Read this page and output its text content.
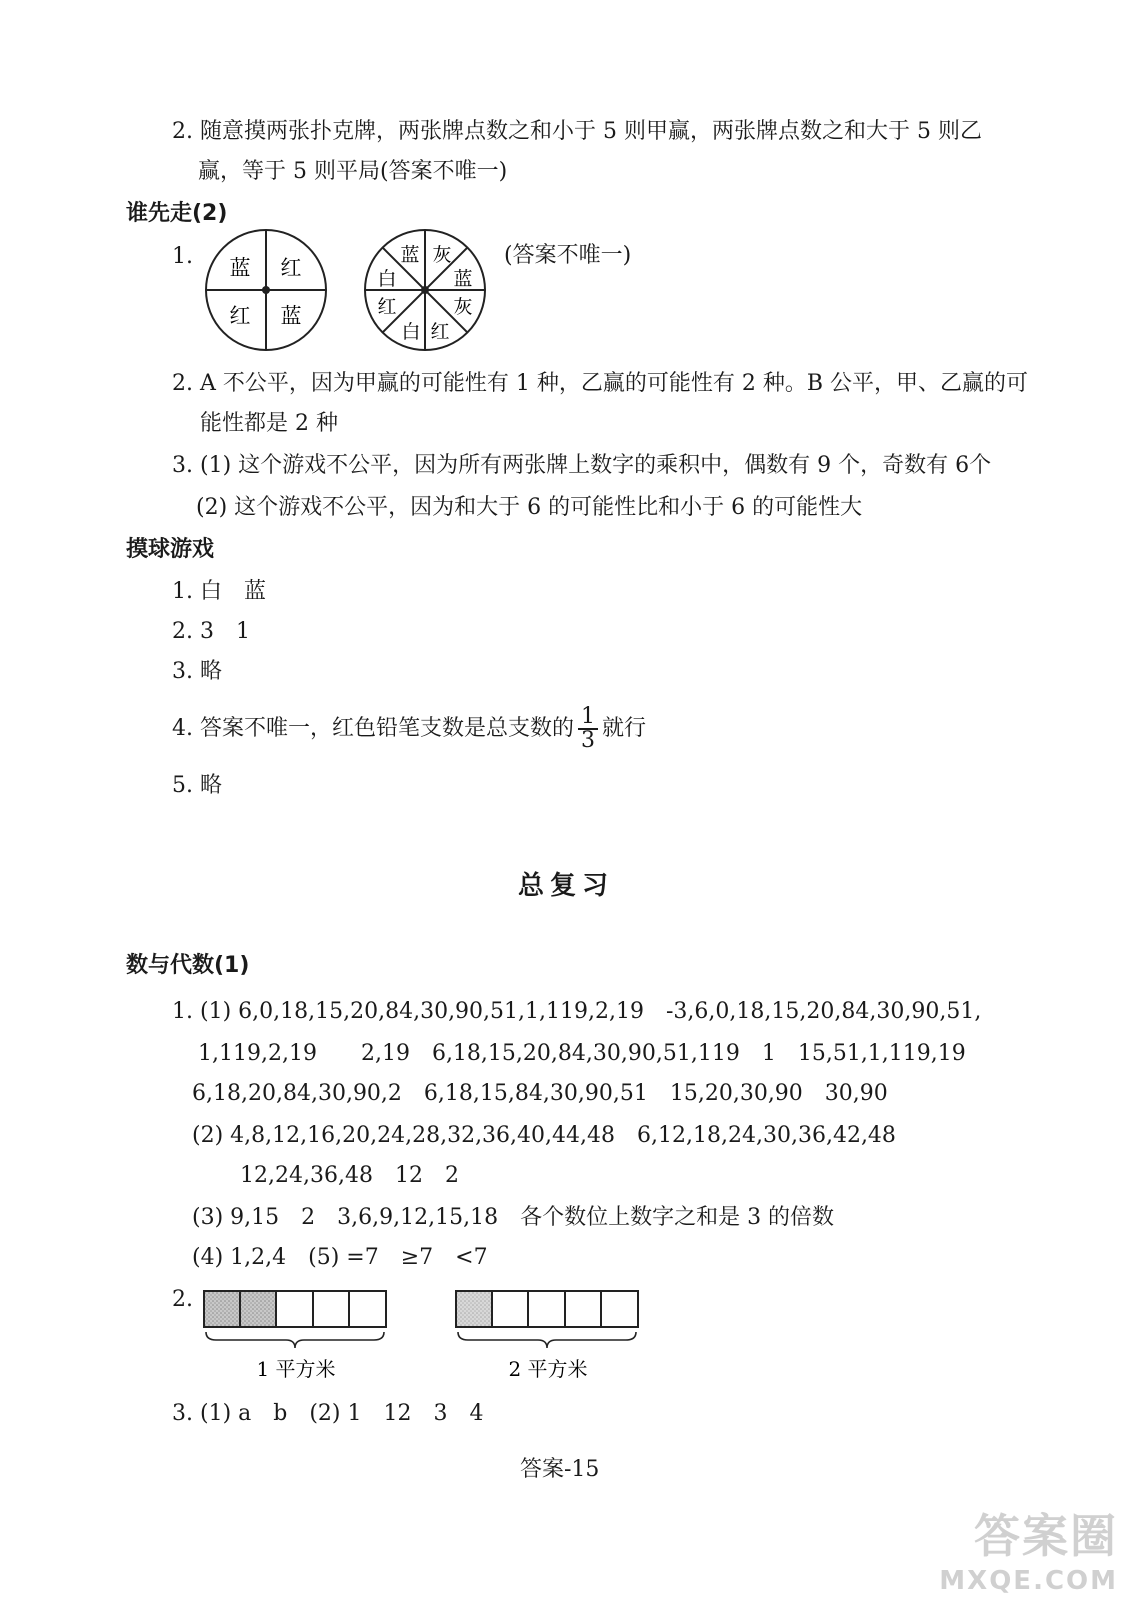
2. 随意摸两张扑克牌，两张牌点数之和小于 5 则甲赢，两张牌点数之和大于 5 则乙
赢，等于 5 则平局(答案不唯一)
谁先走(2)
1. 蓝 红
红 蓝
蓝 灰
蓝
灰
红
白
红
白
(答案不唯一)
2. A 不公平，因为甲赢的可能性有 1 种，乙赢的可能性有 2 种。B 公平，甲、乙赢的可
能性都是 2 种
3. (1) 这个游戏不公平，因为所有两张牌上数字的乘积中，偶数有 9 个，奇数有 6个
(2) 这个游戏不公平，因为和大于 6 的可能性比和小于 6 的可能性大
摸球游戏
1. 白　蓝
2. 3　1
3. 略
4. 答案不唯一，红色铅笔支数是总支数的 $\frac{1}{3}$ 就行
5. 略
总复习
数与代数(1)
1. (1) 6,0,18,15,20,84,30,90,51,1,119,2,19　-3,6,0,18,15,20,84,30,90,51,
1,119,2,19　　2,19　6,18,15,20,84,30,90,51,119　1　15,51,1,119,19
6,18,20,84,30,90,2　6,18,15,84,30,90,51　15,20,30,90　30,90
(2) 4,8,12,16,20,24,28,32,36,40,44,48　6,12,18,24,30,36,42,48
12,24,36,48　12　2
(3) 9,15　2　3,6,9,12,15,18　各个数位上数字之和是 3 的倍数
(4) 1,2,4　(5) =7　≥7　<7
2.
1 平方米	2 平方米
3. (1) a　b　(2) 1　12　3　4
答案-15
答案圈
MXQE.COM
